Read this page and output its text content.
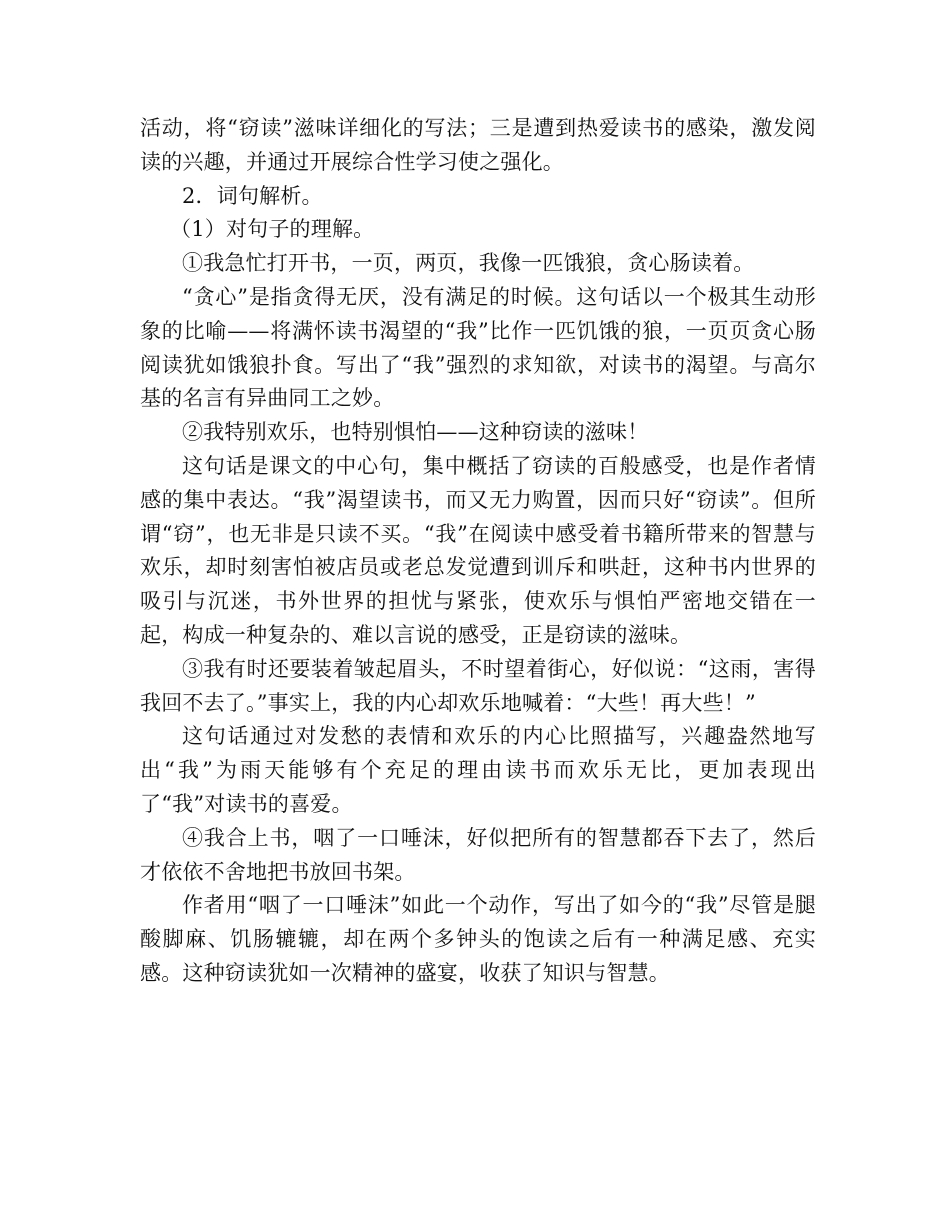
活动，将“窃读”滋味详细化的写法；三是遭到热爱读书的感染，激发阅读的兴趣，并通过开展综合性学习使之强化。

2．词句解析。

（1）对句子的理解。

①我急忙打开书，一页，两页，我像一匹饿狼，贪心肠读着。

“贪心”是指贪得无厌，没有满足的时候。这句话以一个极其生动形象的比喻——将满怀读书渴望的“我”比作一匹饥饿的狼，一页页贪心肠阅读犹如饿狼扑食。写出了“我”强烈的求知欲，对读书的渴望。与高尔基的名言有异曲同工之妙。

②我特别欢乐，也特别惧怕——这种窃读的滋味！

这句话是课文的中心句，集中概括了窃读的百般感受，也是作者情感的集中表达。“我”渴望读书，而又无力购置，因而只好“窃读”。但所谓“窃”，也无非是只读不买。“我”在阅读中感受着书籍所带来的智慧与欢乐，却时刻害怕被店员或老总发觉遭到训斥和哄赶，这种书内世界的吸引与沉迷，书外世界的担忧与紧张，使欢乐与惧怕严密地交错在一起，构成一种复杂的、难以言说的感受，正是窃读的滋味。

③我有时还要装着皱起眉头，不时望着街心，好似说：“这雨，害得我回不去了。”事实上，我的内心却欢乐地喊着：“大些！再大些！”

这句话通过对发愁的表情和欢乐的内心比照描写，兴趣盎然地写出“我”为雨天能够有个充足的理由读书而欢乐无比，更加表现出了“我”对读书的喜爱。

④我合上书，咽了一口唾沫，好似把所有的智慧都吞下去了，然后才依依不舍地把书放回书架。

作者用“咽了一口唾沫”如此一个动作，写出了如今的“我”尽管是腿酸脚麻、饥肠辘辘，却在两个多钟头的饱读之后有一种满足感、充实感。这种窃读犹如一次精神的盛宴，收获了知识与智慧。
